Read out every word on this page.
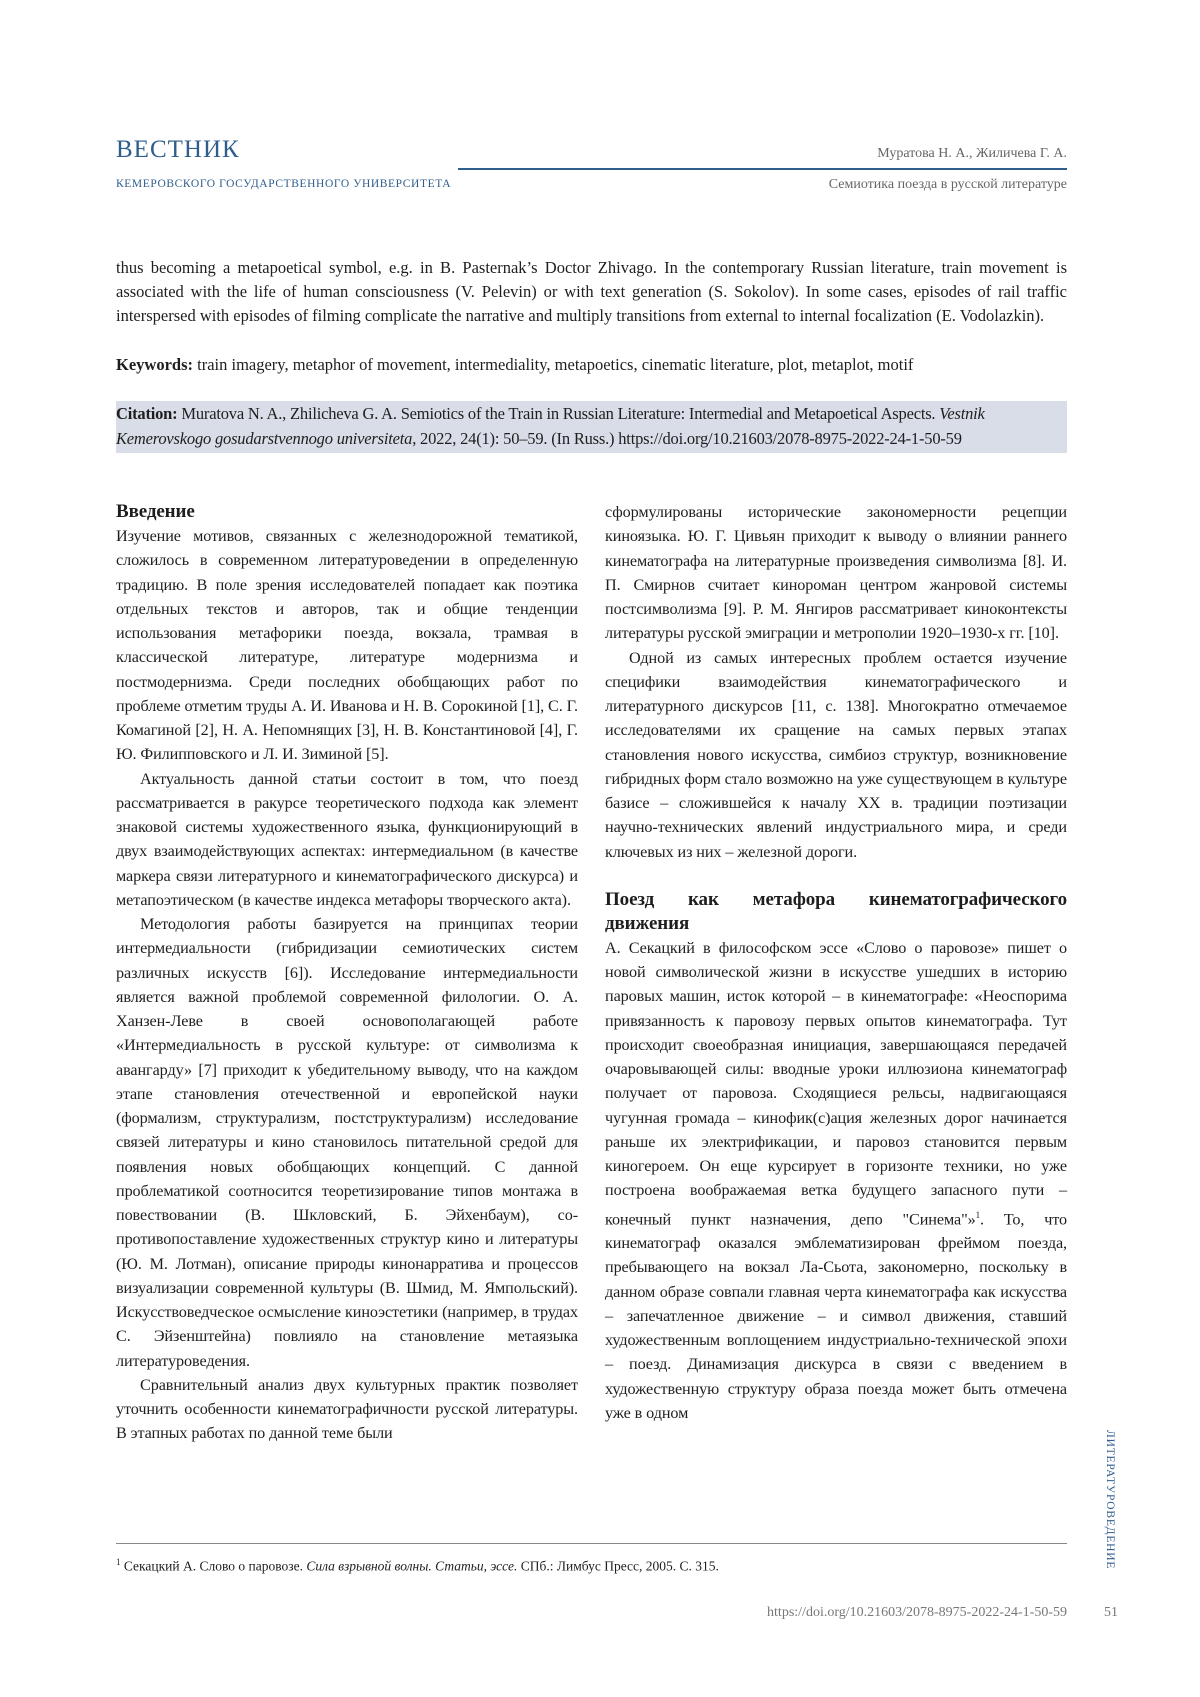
ВЕСТНИК
КЕМЕРОВСКОГО ГОСУДАРСТВЕННОГО УНИВЕРСИТЕТА
Муратова Н. А., Жиличева Г. А.
Семиотика поезда в русской литературе
thus becoming a metapoetical symbol, e.g. in B. Pasternak’s Doctor Zhivago. In the contemporary Russian literature, train movement is associated with the life of human consciousness (V. Pelevin) or with text generation (S. Sokolov). In some cases, episodes of rail traffic interspersed with episodes of filming complicate the narrative and multiply transitions from external to internal focalization (E. Vodolazkin).
Keywords: train imagery, metaphor of movement, intermediality, metapoetics, cinematic literature, plot, metaplot, motif
Citation: Muratova N. A., Zhilicheva G. A. Semiotics of the Train in Russian Literature: Intermedial and Metapoetical Aspects. Vestnik Kemerovskogo gosudarstvennogo universiteta, 2022, 24(1): 50–59. (In Russ.) https://doi.org/10.21603/2078-8975-2022-24-1-50-59
Введение

Изучение мотивов, связанных с железнодорожной тематикой, сложилось в современном литературоведении в определенную традицию. В поле зрения исследователей попадает как поэтика отдельных текстов и авторов, так и общие тенденции использования метафорики поезда, вокзала, трамвая в классической литературе, литературе модернизма и постмодернизма. Среди последних обобщающих работ по проблеме отметим труды А. И. Иванова и Н. В. Сорокиной [1], С. Г. Комагиной [2], Н. А. Непомнящих [3], Н. В. Константиновой [4], Г. Ю. Филипповского и Л. И. Зиминой [5].

Актуальность данной статьи состоит в том, что поезд рассматривается в ракурсе теоретического подхода как элемент знаковой системы художественного языка, функционирующий в двух взаимодействующих аспектах: интермедиальном (в качестве маркера связи литературного и кинематографического дискурса) и метапоэтическом (в качестве индекса метафоры творческого акта).

Методология работы базируется на принципах теории интермедиальности (гибридизации семиотических систем различных искусств [6]). Исследование интермедиальности является важной проблемой современной филологии. О. А. Ханзен-Леве в своей основополагающей работе «Интермедиальность в русской культуре: от символизма к авангарду» [7] приходит к убедительному выводу, что на каждом этапе становления отечественной и европейской науки (формализм, структурализм, постструктурализм) исследование связей литературы и кино становилось питательной средой для появления новых обобщающих концепций. С данной проблематикой соотносится теоретизирование типов монтажа в повествовании (В. Шкловский, Б. Эйхенбаум), со-противопоставление художественных структур кино и литературы (Ю. М. Лотман), описание природы кинонарратива и процессов визуализации современной культуры (В. Шмид, М. Ямпольский). Искусствоведческое осмысление киноэстетики (например, в трудах С. Эйзенштейна) повлияло на становление метаязыка литературоведения.

Сравнительный анализ двух культурных практик позволяет уточнить особенности кинематографичности русской литературы. В этапных работах по данной теме были

сформулированы исторические закономерности рецепции киноязыка. Ю. Г. Цивьян приходит к выводу о влиянии раннего кинематографа на литературные произведения символизма [8]. И. П. Смирнов считает кинороман центром жанровой системы постсимволизма [9]. Р. М. Янгиров рассматривает киноконтексты литературы русской эмиграции и метрополии 1920–1930-х гг. [10].

Одной из самых интересных проблем остается изучение специфики взаимодействия кинематографического и литературного дискурсов [11, с. 138]. Многократно отмечаемое исследователями их сращение на самых первых этапах становления нового искусства, симбиоз структур, возникновение гибридных форм стало возможно на уже существующем в культуре базисе – сложившейся к началу XX в. традиции поэтизации научно-технических явлений индустриального мира, и среди ключевых из них – железной дороги.

Поезд как метафора кинематографического движения

А. Секацкий в философском эссе «Слово о паровозе» пишет о новой символической жизни в искусстве ушедших в историю паровых машин, исток которой – в кинематографе: «Неоспорима привязанность к паровозу первых опытов кинематографа. Тут происходит своеобразная инициация, завершающаяся передачей очаровывающей силы: вводные уроки иллюзиона кинематограф получает от паровоза. Сходящиеся рельсы, надвигающаяся чугунная громада – кинофик(с)ация железных дорог начинается раньше их электрификации, и паровоз становится первым киногероем. Он еще курсирует в горизонте техники, но уже построена воображаемая ветка будущего запасного пути – конечный пункт назначения, депо "Синема"»$^1$. То, что кинематограф оказался эмблематизирован фреймом поезда, пребывающего на вокзал Ла-Сьота, закономерно, поскольку в данном образе совпали главная черта кинематографа как искусства – запечатленное движение – и символ движения, ставший художественным воплощением индустриально-технической эпохи – поезд. Динамизация дискурса в связи с введением в художественную структуру образа поезда может быть отмечена уже в одном

ЛИТЕРАТУРОВЕДЕНИЕ
$^1$ Секацкий А. Слово о паровозе. Сила взрывной волны. Статьи, эссе. СПб.: Лимбус Пресс, 2005. С. 315.
https://doi.org/10.21603/2078-8975-2022-24-1-50-59	51
